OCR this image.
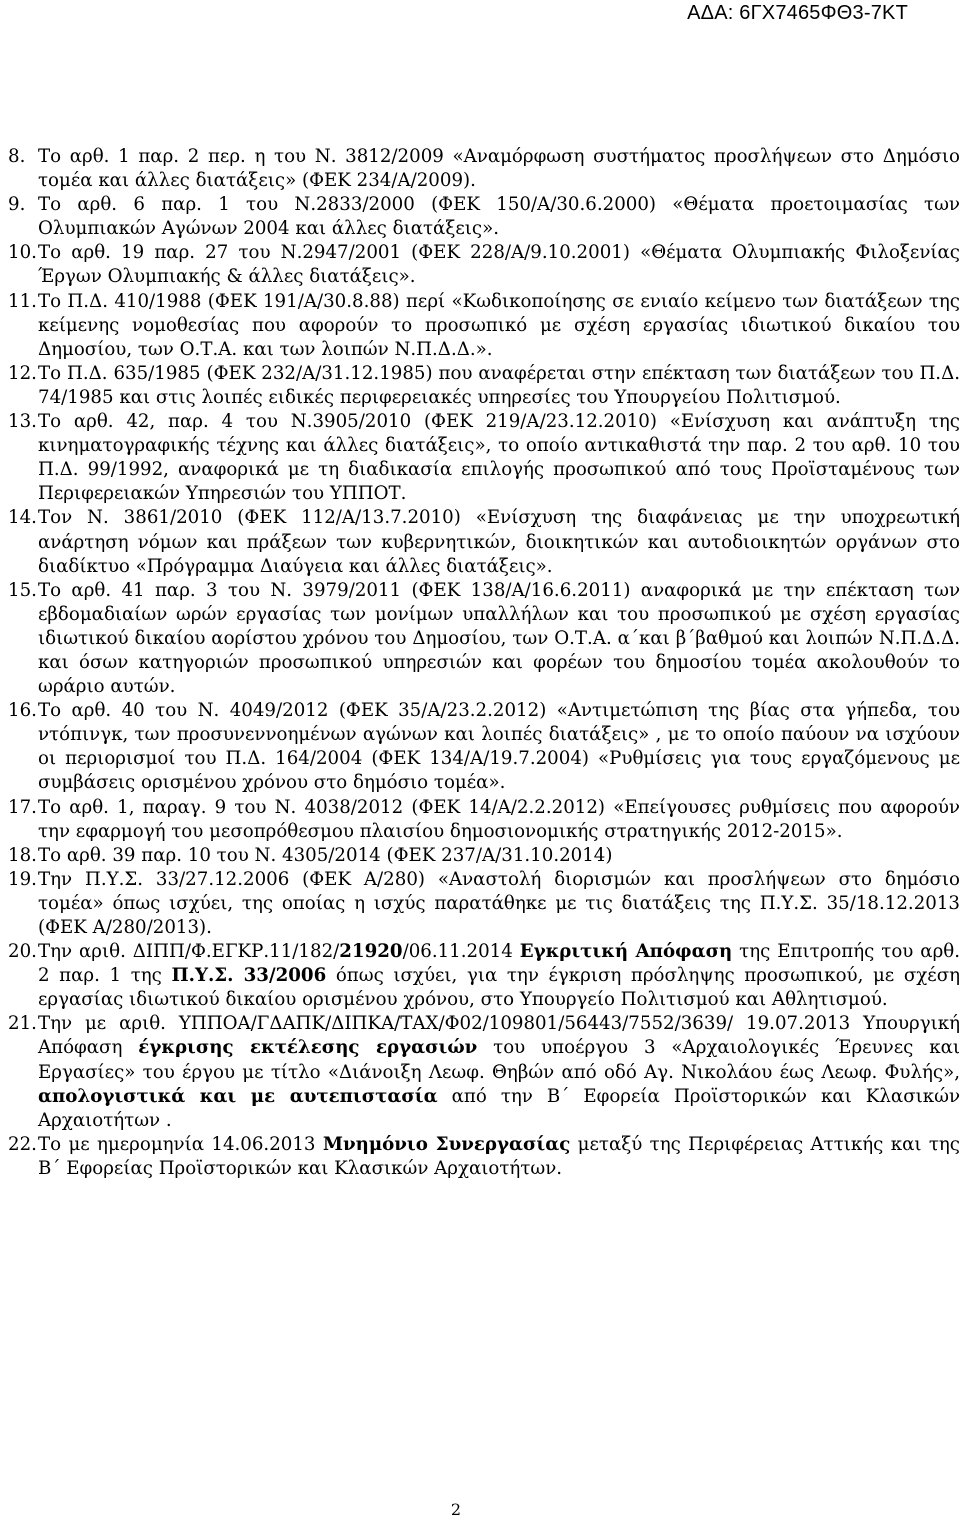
ΑΔΑ: 6ΓΧ7465ΦΘ3-7ΚΤ
8. Το αρθ. 1 παρ. 2 περ. η του Ν. 3812/2009 «Αναμόρφωση συστήματος προσλήψεων στο Δημόσιο τομέα και άλλες διατάξεις» (ΦΕΚ 234/Α/2009).

9. Το αρθ. 6 παρ. 1 του Ν.2833/2000 (ΦΕΚ 150/Α/30.6.2000) «Θέματα προετοιμασίας των Ολυμπιακών Αγώνων 2004 και άλλες διατάξεις».

10. Το αρθ. 19 παρ. 27 του Ν.2947/2001 (ΦΕΚ 228/Α/9.10.2001) «Θέματα Ολυμπιακής Φιλοξενίας Έργων Ολυμπιακής & άλλες διατάξεις».

11. Το Π.Δ. 410/1988 (ΦΕΚ 191/Α/30.8.88) περί «Κωδικοποίησης σε ενιαίο κείμενο των διατάξεων της κείμενης νομοθεσίας που αφορούν το προσωπικό με σχέση εργασίας ιδιωτικού δικαίου του Δημοσίου, των Ο.Τ.Α. και των λοιπών Ν.Π.Δ.Δ.».

12. Το Π.Δ. 635/1985 (ΦΕΚ 232/Α/31.12.1985) που αναφέρεται στην επέκταση των διατάξεων του Π.Δ. 74/1985 και στις λοιπές ειδικές περιφερειακές υπηρεσίες του Υπουργείου Πολιτισμού.

13. Το αρθ. 42, παρ. 4 του Ν.3905/2010 (ΦΕΚ 219/Α/23.12.2010) «Ενίσχυση και ανάπτυξη της κινηματογραφικής τέχνης και άλλες διατάξεις», το οποίο αντικαθιστά την παρ. 2 του αρθ. 10 του Π.Δ. 99/1992, αναφορικά με τη διαδικασία επιλογής προσωπικού από τους Προϊσταμένους των Περιφερειακών Υπηρεσιών του ΥΠΠΟΤ.

14. Τον Ν. 3861/2010 (ΦΕΚ 112/Α/13.7.2010) «Ενίσχυση της διαφάνειας με την υποχρεωτική ανάρτηση νόμων και πράξεων των κυβερνητικών, διοικητικών και αυτοδιοικητών οργάνων στο διαδίκτυο «Πρόγραμμα Διαύγεια και άλλες διατάξεις».

15. Το αρθ. 41 παρ. 3 του Ν. 3979/2011 (ΦΕΚ 138/Α/16.6.2011) αναφορικά με την επέκταση των εβδομαδιαίων ωρών εργασίας των μονίμων υπαλλήλων και του προσωπικού με σχέση εργασίας ιδιωτικού δικαίου αορίστου χρόνου του Δημοσίου, των Ο.Τ.Α. α΄και β΄βαθμού και λοιπών Ν.Π.Δ.Δ. και όσων κατηγοριών προσωπικού υπηρεσιών και φορέων του δημοσίου τομέα ακολουθούν το ωράριο αυτών.

16. Το αρθ. 40 του Ν. 4049/2012 (ΦΕΚ 35/Α/23.2.2012) «Αντιμετώπιση της βίας στα γήπεδα, του ντόπινγκ, των προσυνεννοημένων αγώνων και λοιπές διατάξεις» , με το οποίο παύουν να ισχύουν οι περιορισμοί του Π.Δ. 164/2004 (ΦΕΚ 134/Α/19.7.2004) «Ρυθμίσεις για τους εργαζόμενους με συμβάσεις ορισμένου χρόνου στο δημόσιο τομέα».

17. Το αρθ. 1, παραγ. 9 του Ν. 4038/2012 (ΦΕΚ 14/Α/2.2.2012) «Επείγουσες ρυθμίσεις που αφορούν την εφαρμογή του μεσοπρόθεσμου πλαισίου δημοσιονομικής στρατηγικής 2012-2015».

18. Το αρθ. 39 παρ. 10 του Ν. 4305/2014 (ΦΕΚ 237/Α/31.10.2014)

19. Την Π.Υ.Σ. 33/27.12.2006 (ΦΕΚ Α/280) «Αναστολή διορισμών και προσλήψεων στο δημόσιο τομέα» όπως ισχύει, της οποίας η ισχύς παρατάθηκε με τις διατάξεις της Π.Υ.Σ. 35/18.12.2013 (ΦΕΚ Α/280/2013).

20. Την αριθ. ΔΙΠΠ/Φ.ΕΓΚΡ.11/182/21920/06.11.2014 Εγκριτική Απόφαση της Επιτροπής του αρθ. 2 παρ. 1 της Π.Υ.Σ. 33/2006 όπως ισχύει, για την έγκριση πρόσληψης προσωπικού, με σχέση εργασίας ιδιωτικού δικαίου ορισμένου χρόνου, στο Υπουργείο Πολιτισμού και Αθλητισμού.

21. Την με αριθ. ΥΠΠΟΑ/ΓΔΑΠΚ/ΔΙΠΚΑ/ΤΑΧ/Φ02/109801/56443/7552/3639/ 19.07.2013 Υπουργική Απόφαση έγκρισης εκτέλεσης εργασιών του υποέργου 3 «Αρχαιολογικές Έρευνες και Εργασίες» του έργου με τίτλο «Διάνοιξη Λεωφ. Θηβών από οδό Αγ. Νικολάου έως Λεωφ. Φυλής», απολογιστικά και με αυτεπιστασία από την Β΄ Εφορεία Προϊστορικών και Κλασικών Αρχαιοτήτων .

22. Το με ημερομηνία 14.06.2013 Μνημόνιο Συνεργασίας μεταξύ της Περιφέρειας Αττικής και της Β΄ Εφορείας Προϊστορικών και Κλασικών Αρχαιοτήτων.

2
